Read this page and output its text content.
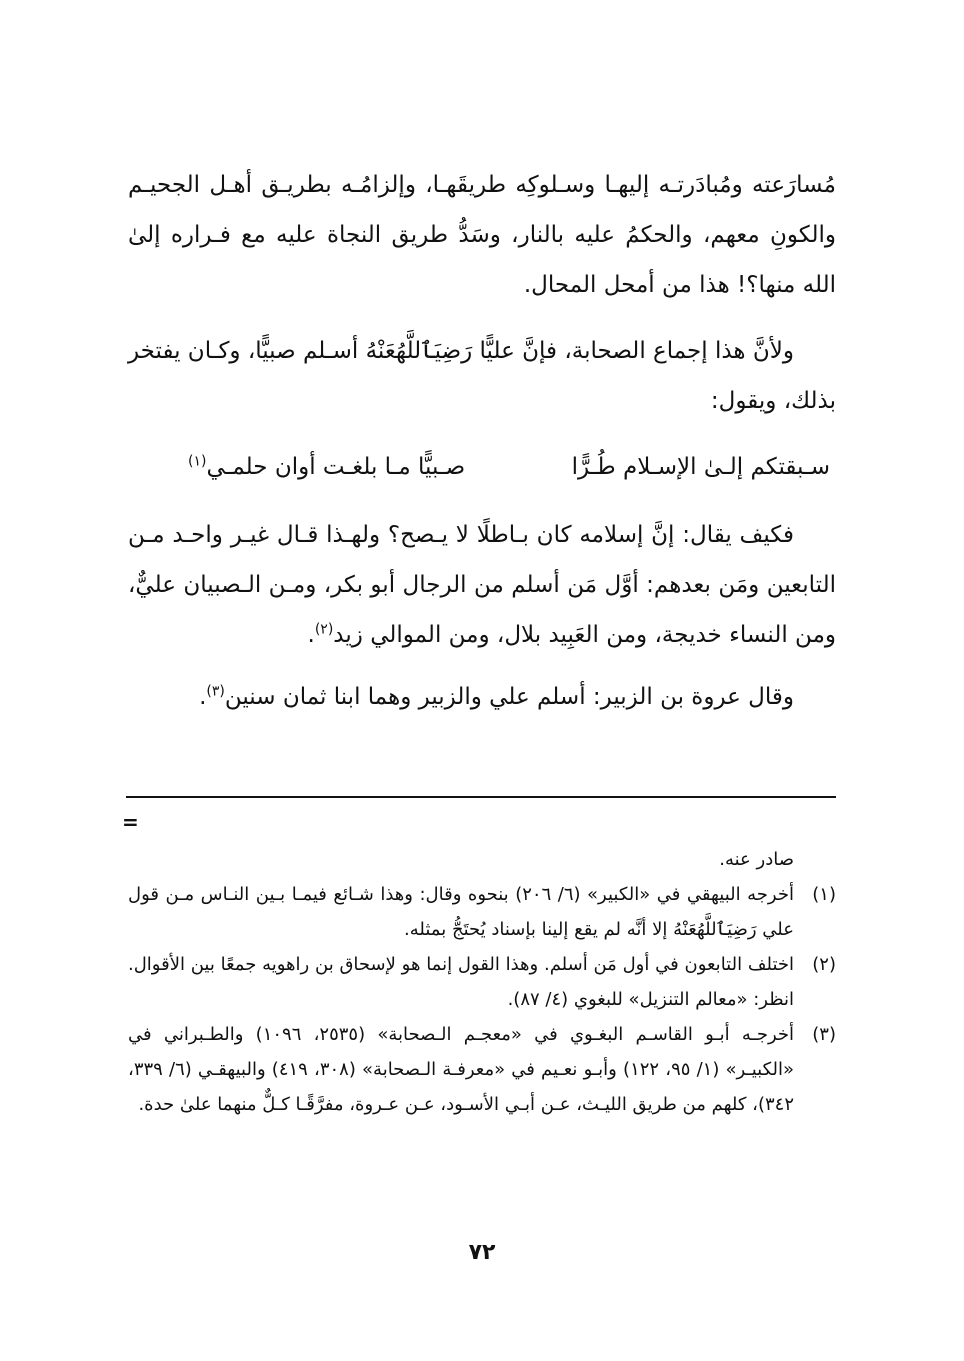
مُسارَعته ومُبادَرتـه إليهـا وسـلوكِه طريقَهـا، وإلزامُـه بطريـق أهـل الجحيـم والكونِ معهم، والحكمُ عليه بالنار، وسَدُّ طريق النجاة عليه مع فـراره إلىٰ الله منها؟! هذا من أمحل المحال.

ولأنَّ هذا إجماع الصحابة، فإنَّ عليًّا رَضِيَٱللَّهُعَنْهُ أسـلم صبيًّا، وكـان يفتخر بذلك، ويقول:

سـبقتكم إلـىٰ الإسـلام طُـرًّا
صـبيًّا مـا بلغـت أوان حلمـي$^{(١)}$

فكيف يقال: إنَّ إسلامه كان بـاطلًا لا يـصح؟ ولهـذا قـال غيـر واحـد مـن التابعين ومَن بعدهم: أوَّل مَن أسلم من الرجال أبو بكر، ومـن الـصبيان عليٌّ، ومن النساء خديجة، ومن العَبِيد بلال، ومن الموالي زيد$^{(٢)}$.

وقال عروة بن الزبير: أسلم علي والزبير وهما ابنا ثمان سنين$^{(٣)}$.

=

صادر عنه.

(١)
أخرجه البيهقي في «الكبير» (٦/ ٢٠٦) بنحوه وقال: وهذا شـائع فيمـا بـين النـاس مـن قول علي رَضِيَٱللَّهُعَنْهُ إلا أنَّه لم يقع إلينا بإسناد يُحتَجُّ بمثله.
(٢)
اختلف التابعون في أول مَن أسلم. وهذا القول إنما هو لإسحاق بن راهويه جمعًا بين الأقوال. انظر: «معالم التنزيل» للبغوي (٤/ ٨٧).
(٣)
أخرجـه أبـو القاسـم البغـوي في «معجـم الـصحابة» (٢٥٣٥، ١٠٩٦) والطـبراني في «الكبيـر» (١/ ٩٥، ١٢٢) وأبـو نعـيم في «معرفـة الـصحابة» (٣٠٨، ٤١٩) والبيهقـي (٦/ ٣٣٩، ٣٤٢)، كلهم من طريق الليـث، عـن أبـي الأسـود، عـن عـروة، مفرَّقًـا كـلٌّ منهما علىٰ حدة.
٧٢
